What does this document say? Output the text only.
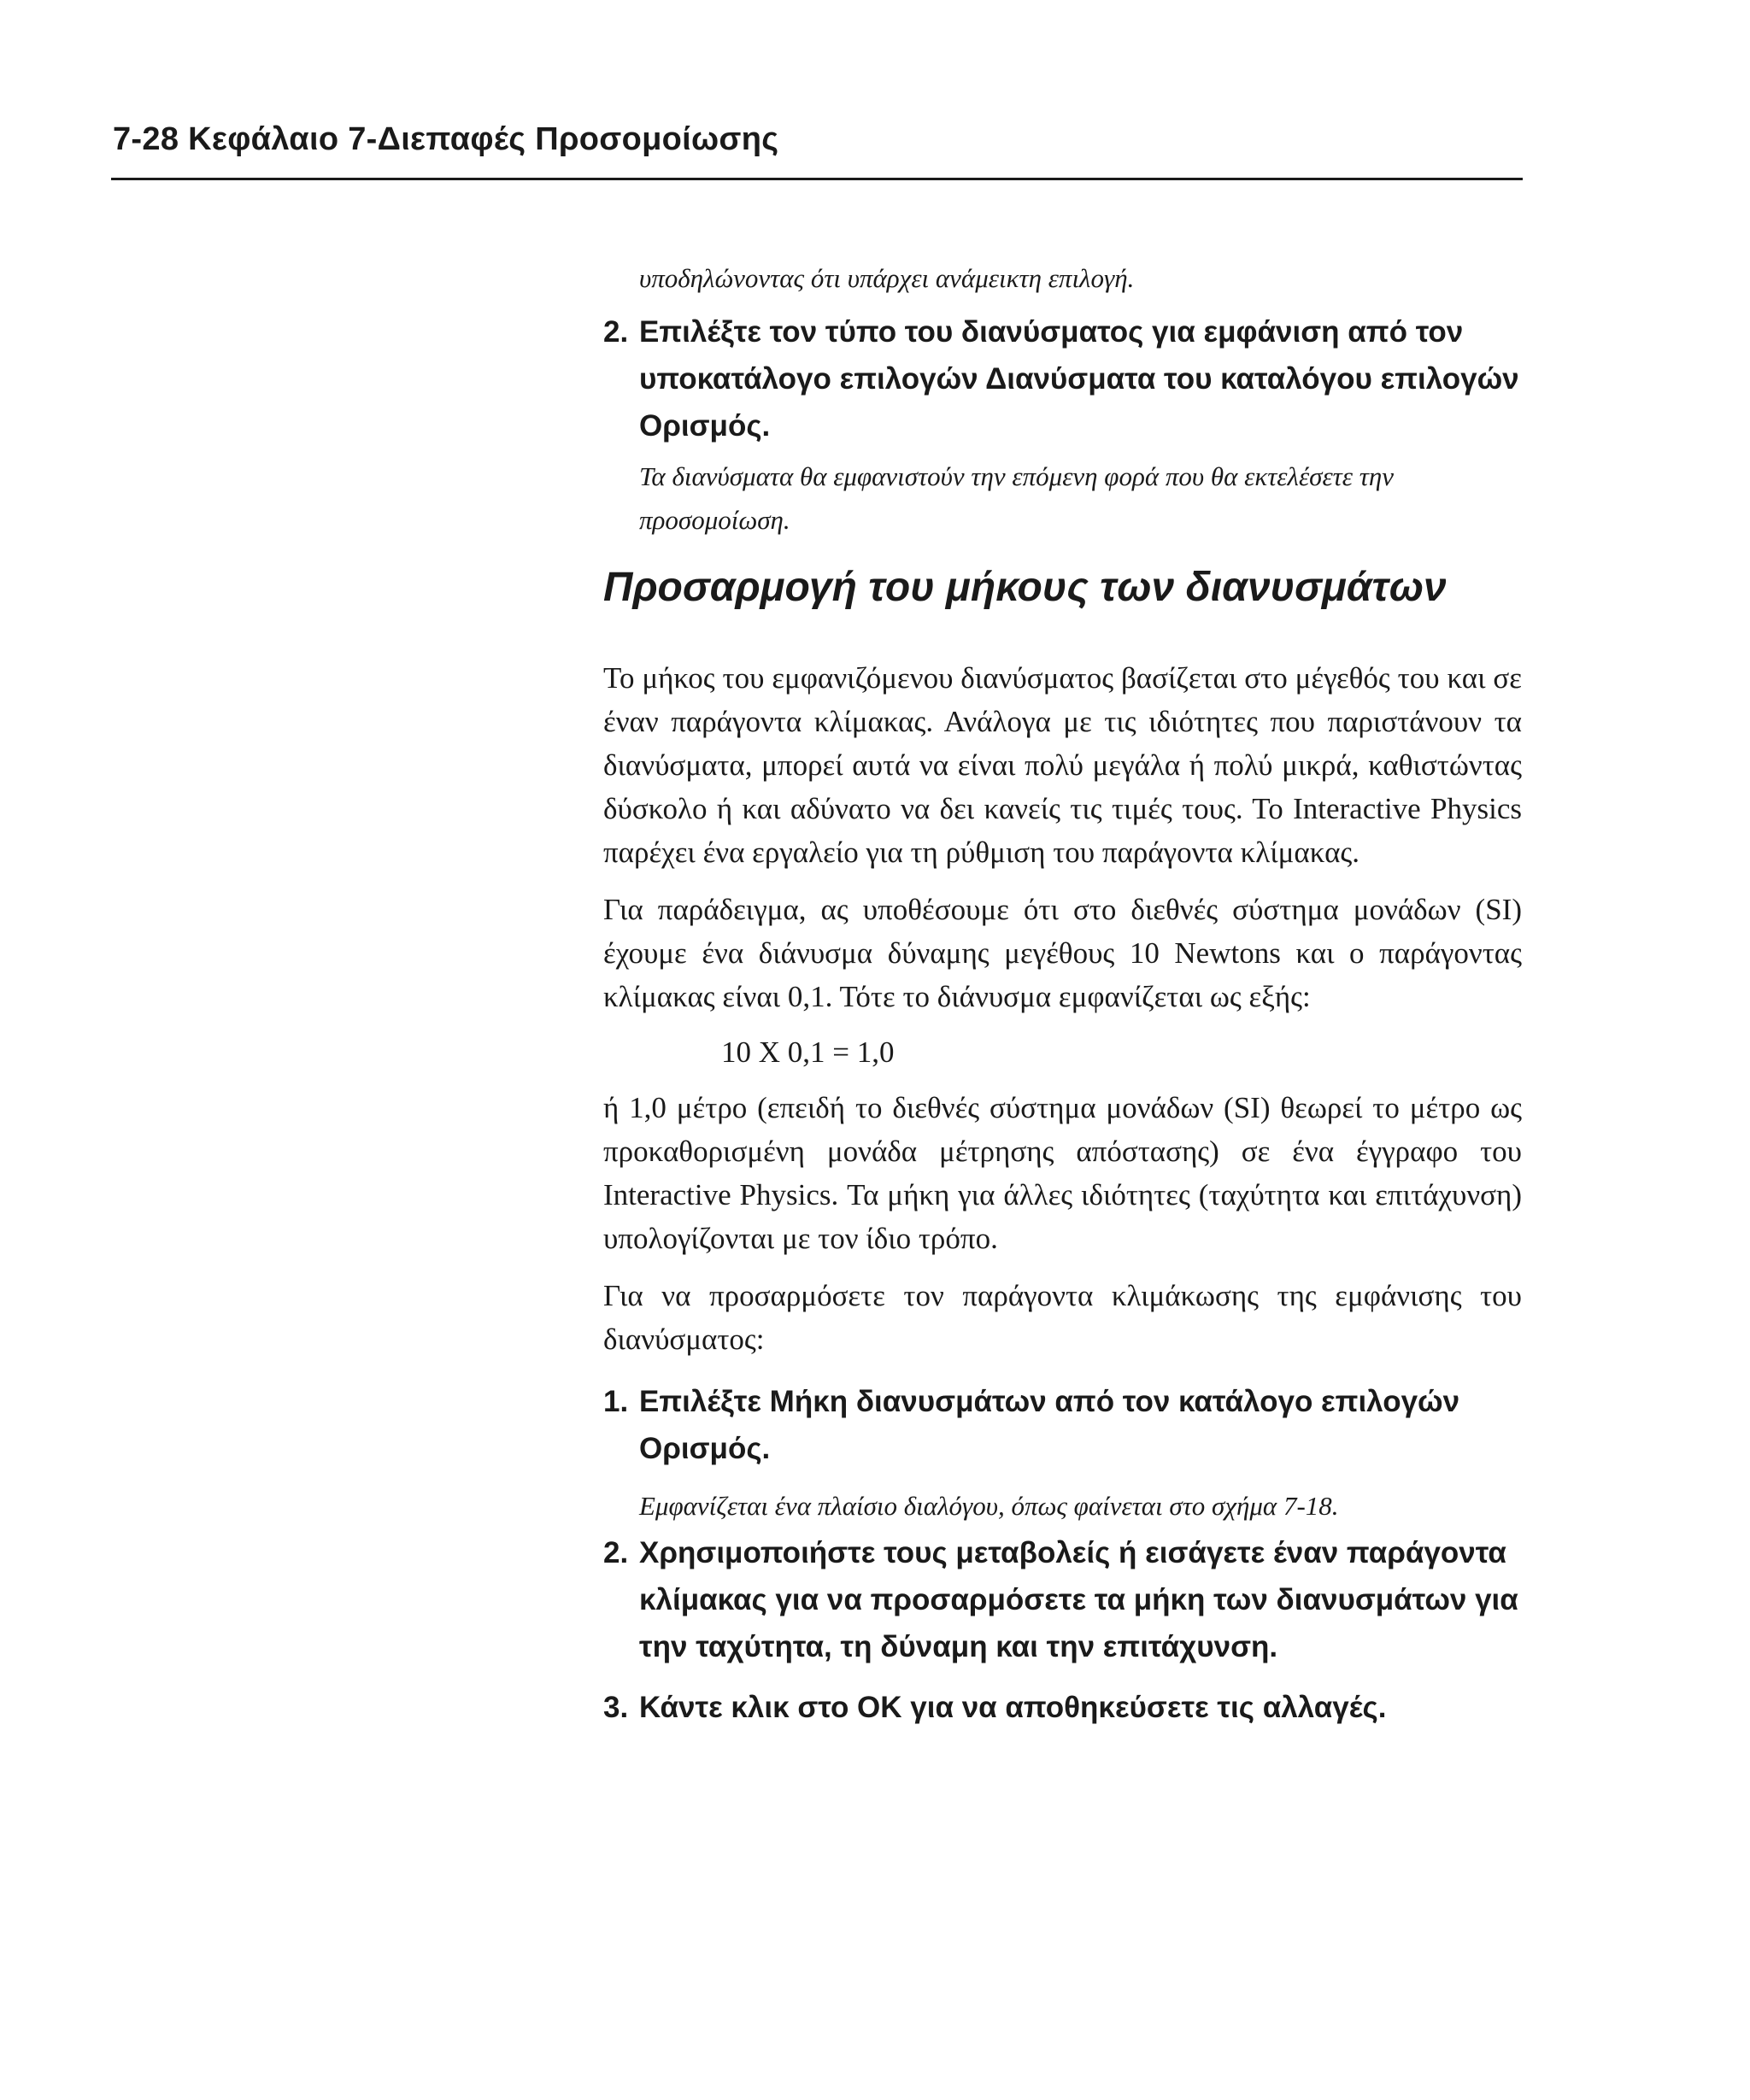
7-28 Κεφάλαιο 7-Διεπαφές Προσομοίωσης

υποδηλώνοντας ότι υπάρχει ανάμεικτη επιλογή.

2. Επιλέξτε τον τύπο του διανύσματος για εμφάνιση από τον υποκατάλογο επιλογών Διανύσματα του καταλόγου επιλογών Ορισμός.

Τα διανύσματα θα εμφανιστούν την επόμενη φορά που θα εκτελέσετε την προσομοίωση.

Προσαρμογή του μήκους των διανυσμάτων

Το μήκος του εμφανιζόμενου διανύσματος βασίζεται στο μέγεθός του και σε έναν παράγοντα κλίμακας. Ανάλογα με τις ιδιότητες που παριστάνουν τα διανύσματα, μπορεί αυτά να είναι πολύ μεγάλα ή πολύ μικρά, καθιστώντας δύσκολο ή και αδύνατο να δει κανείς τις τιμές τους. Το Interactive Physics παρέχει ένα εργαλείο για τη ρύθμιση του παράγοντα κλίμακας.

Για παράδειγμα, ας υποθέσουμε ότι στο διεθνές σύστημα μονάδων (SI) έχουμε ένα διάνυσμα δύναμης μεγέθους 10 Newtons και ο παράγοντας κλίμακας είναι 0,1. Τότε το διάνυσμα εμφανίζεται ως εξής:

10 X 0,1 = 1,0

ή 1,0 μέτρο (επειδή το διεθνές σύστημα μονάδων (SI) θεωρεί το μέτρο ως προκαθορισμένη μονάδα μέτρησης απόστασης) σε ένα έγγραφο του Interactive Physics. Τα μήκη για άλλες ιδιότητες (ταχύτητα και επιτάχυνση) υπολογίζονται με τον ίδιο τρόπο.

Για να προσαρμόσετε τον παράγοντα κλιμάκωσης της εμφάνισης του διανύσματος:

1. Επιλέξτε Μήκη διανυσμάτων από τον κατάλογο επιλογών Ορισμός.

Εμφανίζεται ένα πλαίσιο διαλόγου, όπως φαίνεται στο σχήμα 7-18.

2. Χρησιμοποιήστε τους μεταβολείς ή εισάγετε έναν παράγοντα κλίμακας για να προσαρμόσετε τα μήκη των διανυσμάτων για την ταχύτητα, τη δύναμη και την επιτάχυνση.
3. Κάντε κλικ στο ΟΚ για να αποθηκεύσετε τις αλλαγές.
